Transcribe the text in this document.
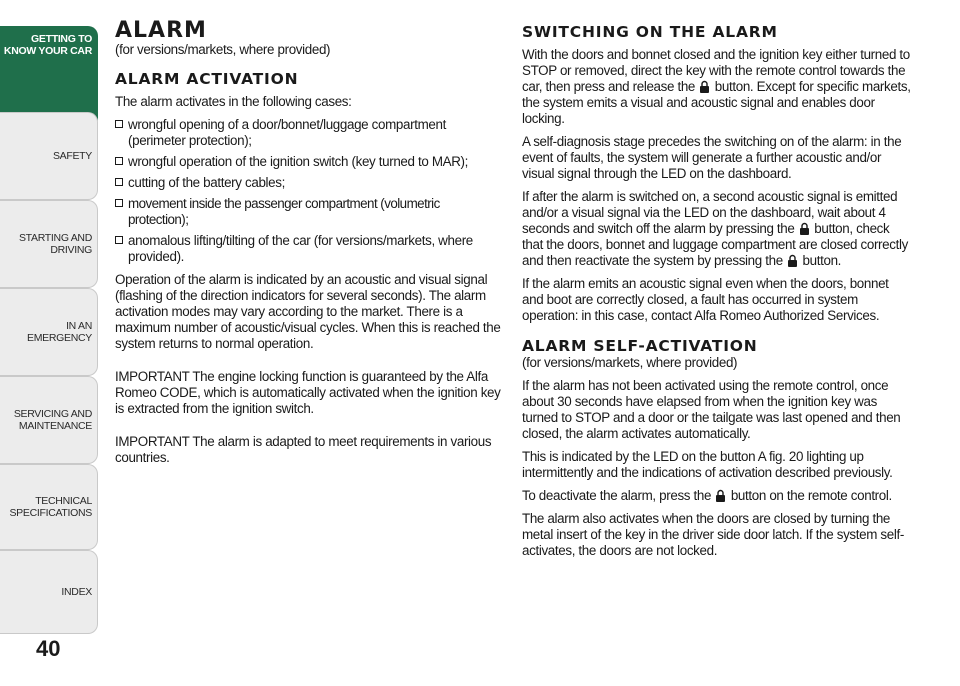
GETTING TO
KNOW YOUR CAR
SAFETY
STARTING AND
DRIVING
IN AN EMERGENCY
SERVICING AND
MAINTENANCE
TECHNICAL
SPECIFICATIONS
INDEX
40
ALARM

(for versions/markets, where provided)

ALARM ACTIVATION

The alarm activates in the following cases:

wrongful opening of a door/bonnet/luggage compartment (perimeter protection);
wrongful operation of the ignition switch (key turned to MAR);
cutting of the battery cables;
movement inside the passenger compartment (volumetric protection);
anomalous lifting/tilting of the car (for versions/markets, where provided).

Operation of the alarm is indicated by an acoustic and visual signal (flashing of the direction indicators for several seconds). The alarm activation modes may vary according to the market. There is a maximum number of acoustic/visual cycles. When this is reached the system returns to normal operation.

IMPORTANT The engine locking function is guaranteed by the Alfa Romeo CODE, which is automatically activated when the ignition key is extracted from the ignition switch.

IMPORTANT The alarm is adapted to meet requirements in various countries.

SWITCHING ON THE ALARM

With the doors and bonnet closed and the ignition key either turned to STOP or removed, direct the key with the remote control towards the car, then press and release the button. Except for specific markets, the system emits a visual and acoustic signal and enables door locking.

A self-diagnosis stage precedes the switching on of the alarm: in the event of faults, the system will generate a further acoustic and/or visual signal through the LED on the dashboard.

If after the alarm is switched on, a second acoustic signal is emitted and/or a visual signal via the LED on the dashboard, wait about 4 seconds and switch off the alarm by pressing the button, check that the doors, bonnet and luggage compartment are closed correctly and then reactivate the system by pressing the button.

If the alarm emits an acoustic signal even when the doors, bonnet and boot are correctly closed, a fault has occurred in system operation: in this case, contact Alfa Romeo Authorized Services.

ALARM SELF-ACTIVATION

(for versions/markets, where provided)

If the alarm has not been activated using the remote control, once about 30 seconds have elapsed from when the ignition key was turned to STOP and a door or the tailgate was last opened and then closed, the alarm activates automatically.

This is indicated by the LED on the button A fig. 20 lighting up intermittently and the indications of activation described previously.

To deactivate the alarm, press the button on the remote control.

The alarm also activates when the doors are closed by turning the metal insert of the key in the driver side door latch. If the system self-activates, the doors are not locked.
